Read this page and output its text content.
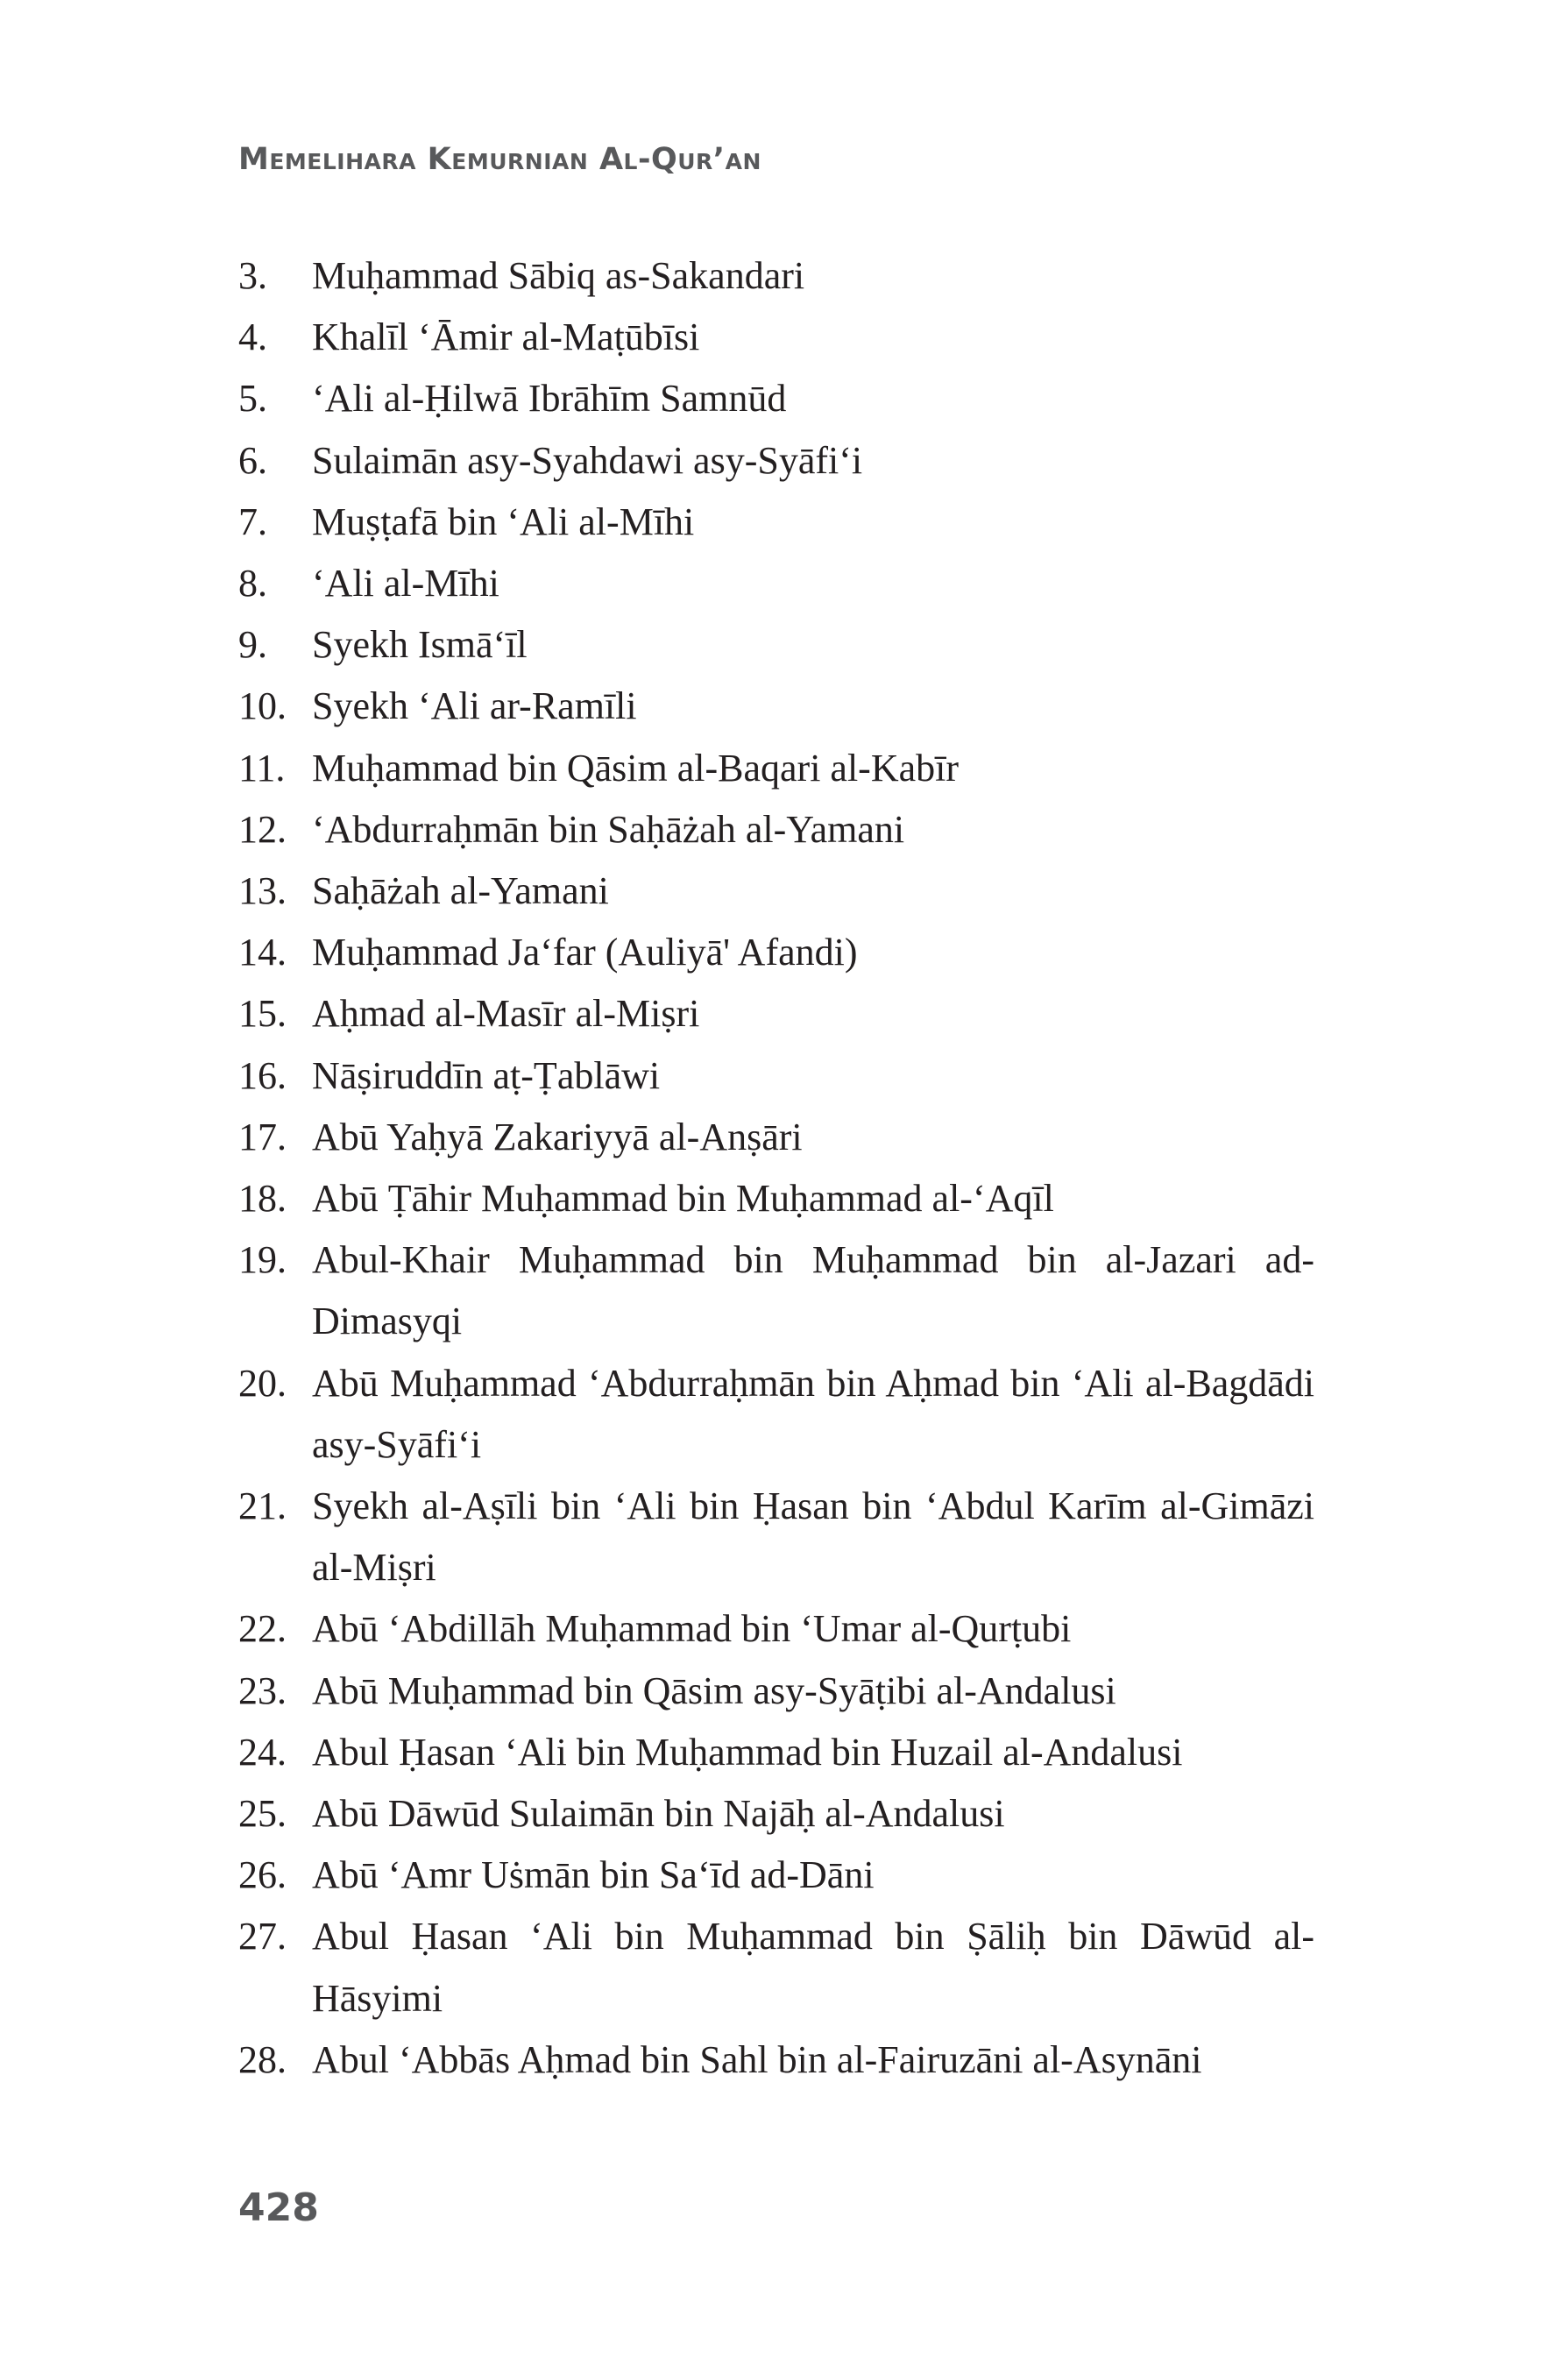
Memelihara Kemurnian Al-Qur’an
3. Muḥammad Sābiq as-Sakandari
4. Khalīl ‘Āmir al-Maṭūbīsi
5. ‘Ali al-Ḥilwā Ibrāhīm Samnūd
6. Sulaimān asy-Syahdawi asy-Syāfi‘i
7. Muṣṭafā bin ‘Ali al-Mīhi
8. ‘Ali al-Mīhi
9. Syekh Ismā‘īl
10. Syekh ‘Ali ar-Ramīli
11. Muḥammad bin Qāsim al-Baqari al-Kabīr
12. ‘Abdurraḥmān bin Saḥāżah al-Yamani
13. Saḥāżah al-Yamani
14. Muḥammad Ja‘far (Auliyā' Afandi)
15. Aḥmad al-Masīr al-Miṣri
16. Nāṣiruddīn aṭ-Ṭablāwi
17. Abū Yaḥyā Zakariyyā al-Anṣāri
18. Abū Ṭāhir Muḥammad bin Muḥammad al-‘Aqīl
19. Abul-Khair Muḥammad bin Muḥammad bin al-Jazari ad-Dimasyqi
20. Abū Muḥammad ‘Abdurraḥmān bin Aḥmad bin ‘Ali al-Bagdādi asy-Syāfi‘i
21. Syekh al-Aṣīli bin ‘Ali bin Ḥasan bin ‘Abdul Karīm al-Gimāzi al-Miṣri
22. Abū ‘Abdillāh Muḥammad bin ‘Umar al-Qurṭubi
23. Abū Muḥammad bin Qāsim asy-Syāṭibi al-Andalusi
24. Abul Ḥasan ‘Ali bin Muḥammad bin Huzail al-Andalusi
25. Abū Dāwūd Sulaimān bin Najāḥ al-Andalusi
26. Abū ‘Amr Uṡmān bin Sa‘īd ad-Dāni
27. Abul Ḥasan ‘Ali bin Muḥammad bin Ṣāliḥ bin Dāwūd al-Hāsyimi
28. Abul ‘Abbās Aḥmad bin Sahl bin al-Fairuzāni al-Asynāni
428
